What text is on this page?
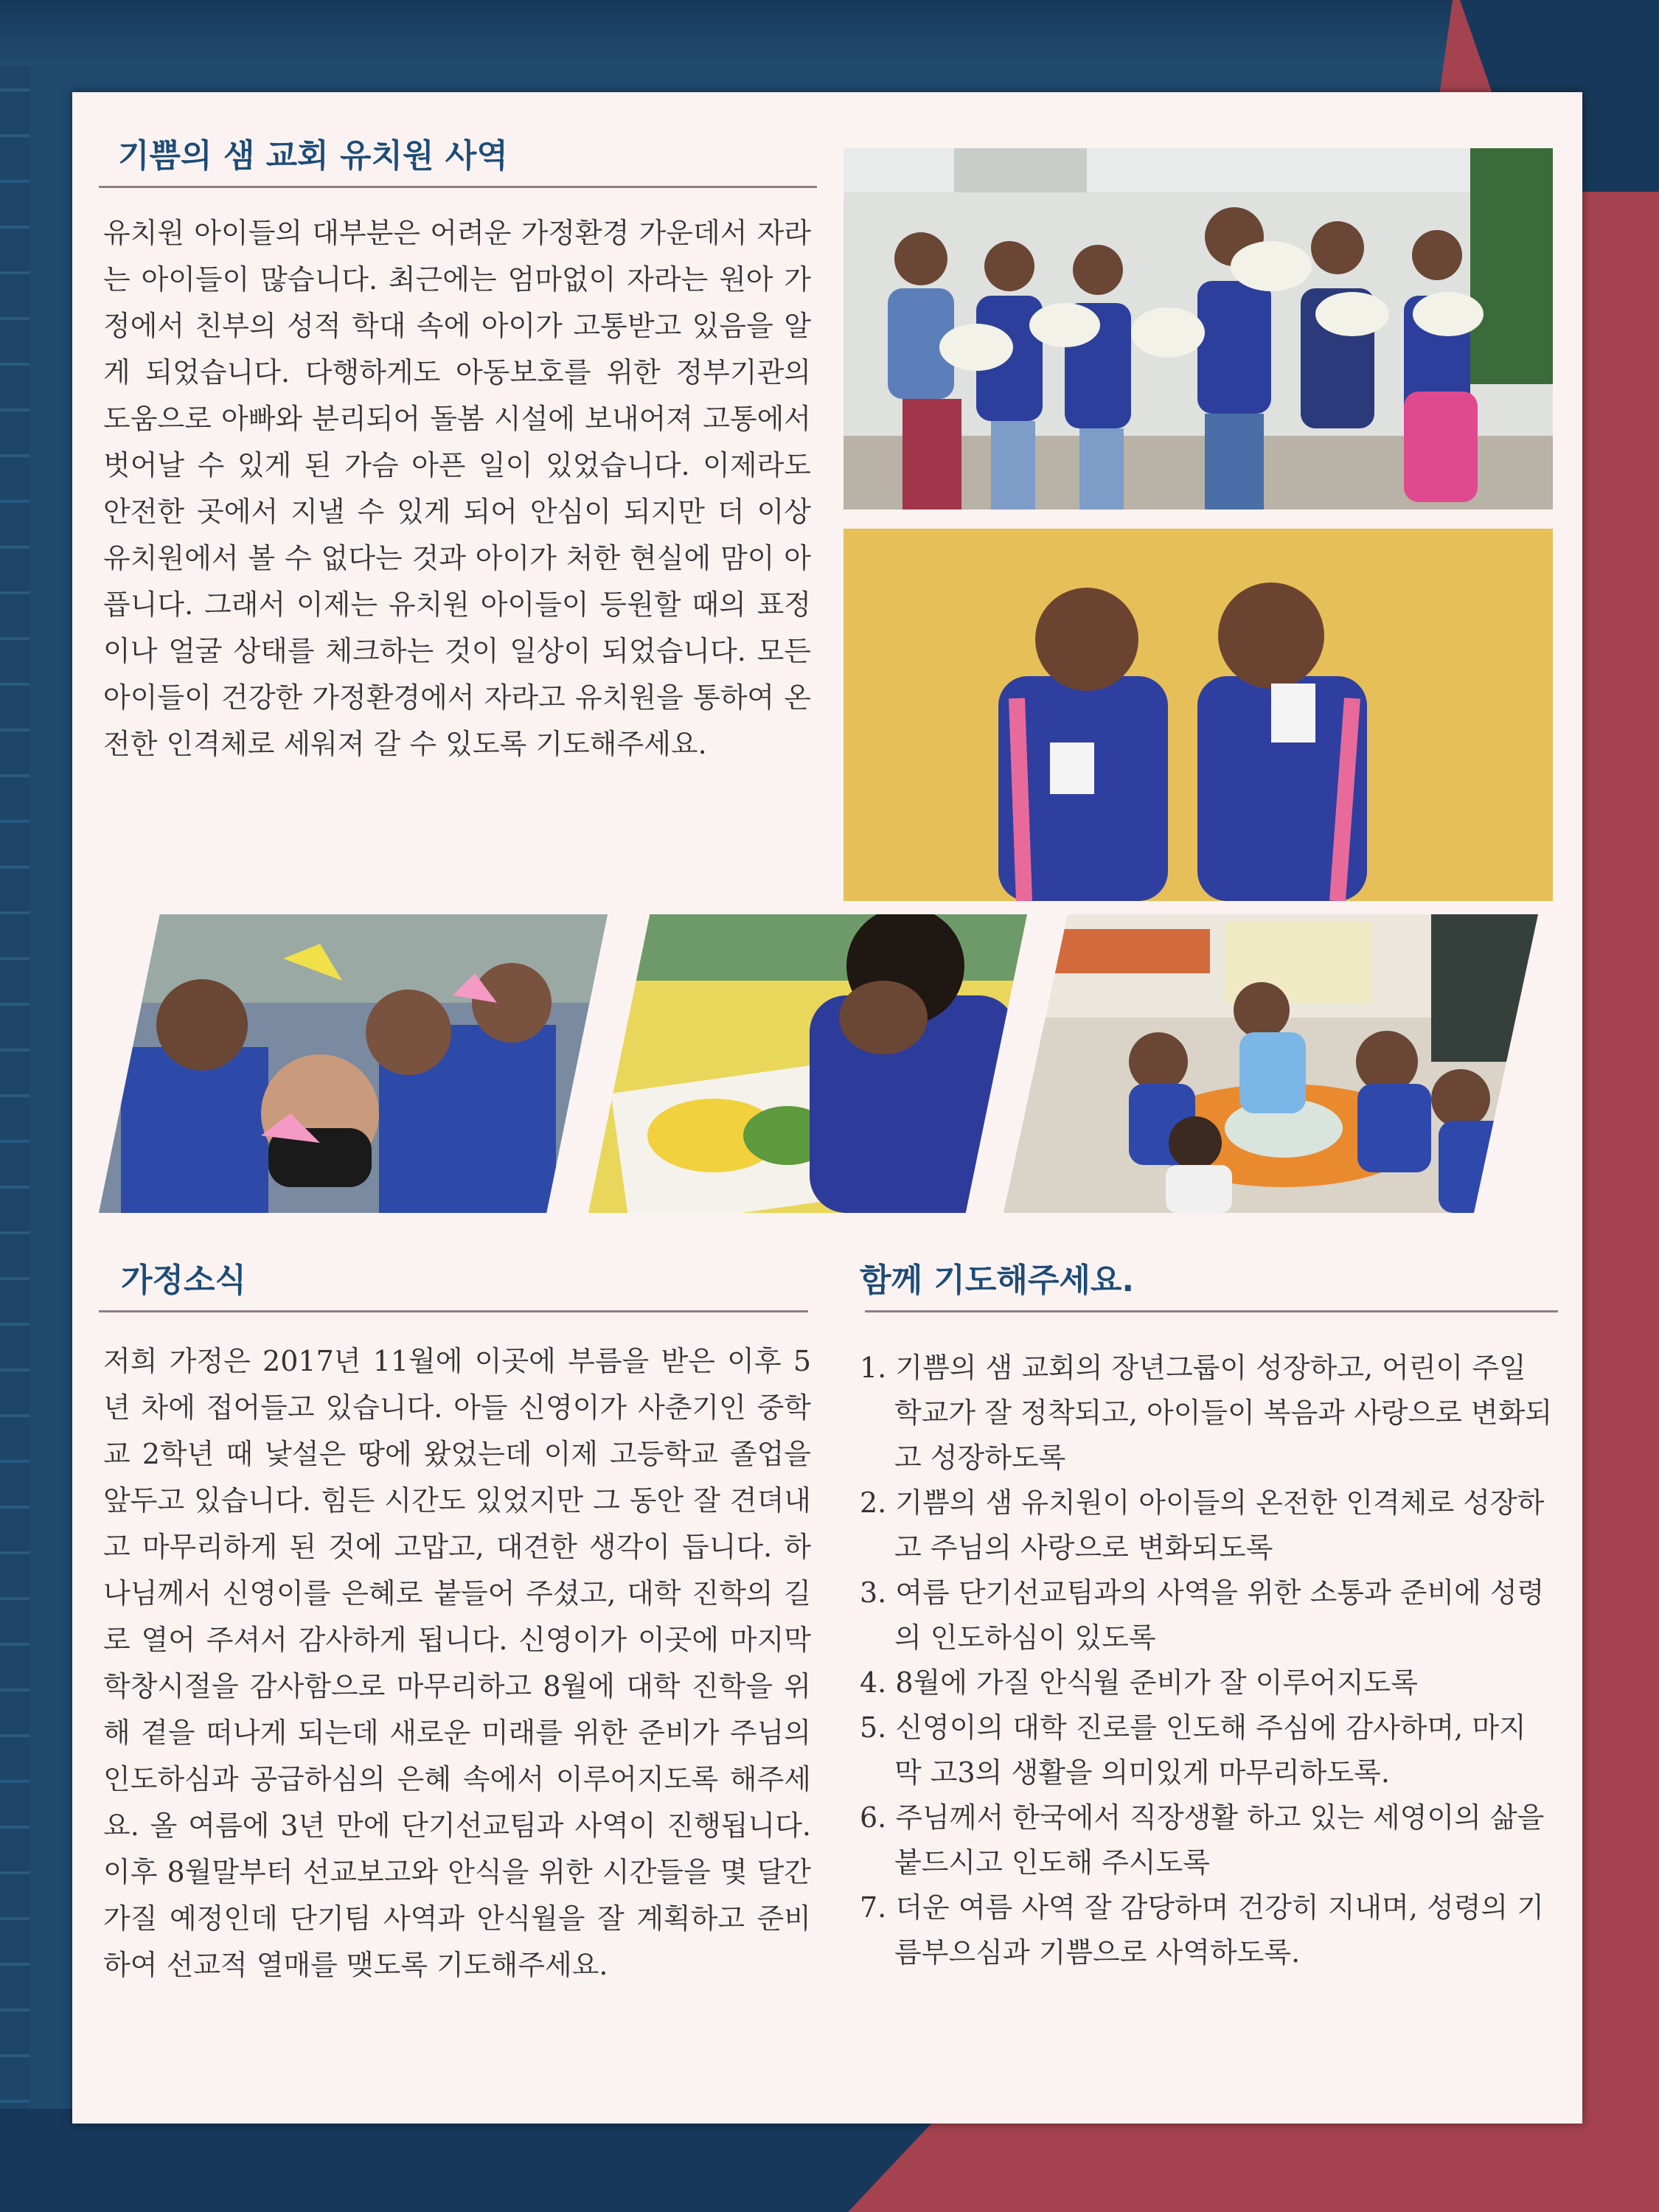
기쁨의 샘 교회 유치원 사역

유치원 아이들의 대부분은 어려운 가정환경 가운데서 자라는 아이들이 많습니다. 최근에는 엄마없이 자라는 원아 가정에서 친부의 성적 학대 속에 아이가 고통받고 있음을 알게 되었습니다. 다행하게도 아동보호를 위한 정부기관의 도움으로 아빠와 분리되어 돌봄 시설에 보내어져 고통에서 벗어날 수 있게 된 가슴 아픈 일이 있었습니다. 이제라도 안전한 곳에서 지낼 수 있게 되어 안심이 되지만 더 이상 유치원에서 볼 수 없다는 것과 아이가 처한 현실에 맘이 아픕니다. 그래서 이제는 유치원 아이들이 등원할 때의 표정이나 얼굴 상태를 체크하는 것이 일상이 되었습니다. 모든 아이들이 건강한 가정환경에서 자라고 유치원을 통하여 온전한 인격체로 세워져 갈 수 있도록 기도해주세요.

가정소식

저희 가정은 2017년 11월에 이곳에 부름을 받은 이후 5년 차에 접어들고 있습니다. 아들 신영이가 사춘기인 중학교 2학년 때 낯설은 땅에 왔었는데 이제 고등학교 졸업을 앞두고 있습니다. 힘든 시간도 있었지만 그 동안 잘 견뎌내고 마무리하게 된 것에 고맙고, 대견한 생각이 듭니다. 하나님께서 신영이를 은혜로 붙들어 주셨고, 대학 진학의 길로 열어 주셔서 감사하게 됩니다. 신영이가 이곳에 마지막 학창시절을 감사함으로 마무리하고 8월에 대학 진학을 위해 곁을 떠나게 되는데 새로운 미래를 위한 준비가 주님의 인도하심과 공급하심의 은혜 속에서 이루어지도록 해주세요. 올 여름에 3년 만에 단기선교팀과 사역이 진행됩니다. 이후 8월말부터 선교보고와 안식을 위한 시간들을 몇 달간 가질 예정인데 단기팀 사역과 안식월을 잘 계획하고 준비하여 선교적 열매를 맺도록 기도해주세요.

함께 기도해주세요.
1. 기쁨의 샘 교회의 장년그룹이 성장하고, 어린이 주일학교가 잘 정착되고, 아이들이 복음과 사랑으로 변화되고 성장하도록
2. 기쁨의 샘 유치원이 아이들의 온전한 인격체로 성장하고 주님의 사랑으로 변화되도록
3. 여름 단기선교팀과의 사역을 위한 소통과 준비에 성령의 인도하심이 있도록
4. 8월에 가질 안식월 준비가 잘 이루어지도록
5. 신영이의 대학 진로를 인도해 주심에 감사하며, 마지막 고3의 생활을 의미있게 마무리하도록.
6. 주님께서 한국에서 직장생활 하고 있는 세영이의 삶을 붙드시고 인도해 주시도록
7. 더운 여름 사역 잘 감당하며 건강히 지내며, 성령의 기름부으심과 기쁨으로 사역하도록.
